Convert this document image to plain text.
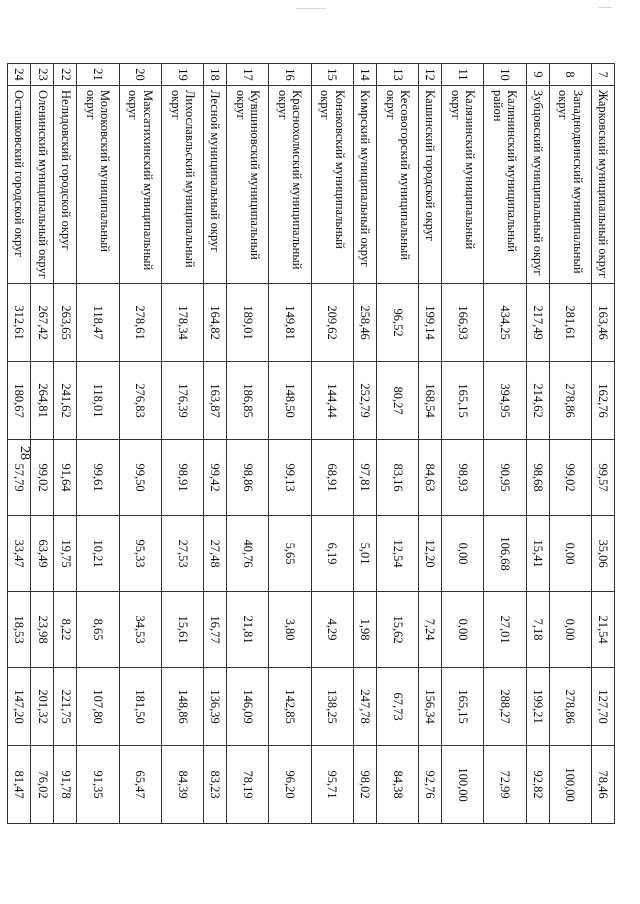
28
7	Жарковский муниципальный округ	163,46	162,76	99,57	35,06	21,54	127,70	78,46
8	Западнодвинский муниципальный округ	281,61	278,86	99,02	0,00	0,00	278,86	100,00
9	Зубцовский муниципальный округ	217,49	214,62	98,68	15,41	7,18	199,21	92,82
10	Калининский муниципальный район	434,25	394,95	90,95	106,68	27,01	288,27	72,99
11	Калязинский муниципальный округ	166,93	165,15	98,93	0,00	0,00	165,15	100,00
12	Кашинский городской округ	199,14	168,54	84,63	12,20	7,24	156,34	92,76
13	Кесовогорский муниципальный округ	96,52	80,27	83,16	12,54	15,62	67,73	84,38
14	Кимрский муниципальный округ	258,46	252,79	97,81	5,01	1,98	247,78	98,02
15	Конаковский муниципальный округ	209,62	144,44	68,91	6,19	4,29	138,25	95,71
16	Краснохолмский муниципальный округ	149,81	148,50	99,13	5,65	3,80	142,85	96,20
17	Кувшиновский муниципальный округ	189,01	186,85	98,86	40,76	21,81	146,09	78,19
18	Лесной муниципальный округ	164,82	163,87	99,42	27,48	16,77	136,39	83,23
19	Лихославльский муниципальный округ	178,34	176,39	98,91	27,53	15,61	148,86	84,39
20	Максатихинский муниципальный округ	278,61	276,83	99,50	95,33	34,53	181,50	65,47
21	Молоковский муниципальный округ	118,47	118,01	99,61	10,21	8,65	107,80	91,35
22	Нелидовский городской округ	263,65	241,62	91,64	19,75	8,22	221,75	91,78
23	Оленинский муниципальный округ	267,42	264,81	99,02	63,49	23,98	201,32	76,02
24	Осташковский городской округ	312,61	180,67	57,79	33,47	18,53	147,20	81,47
